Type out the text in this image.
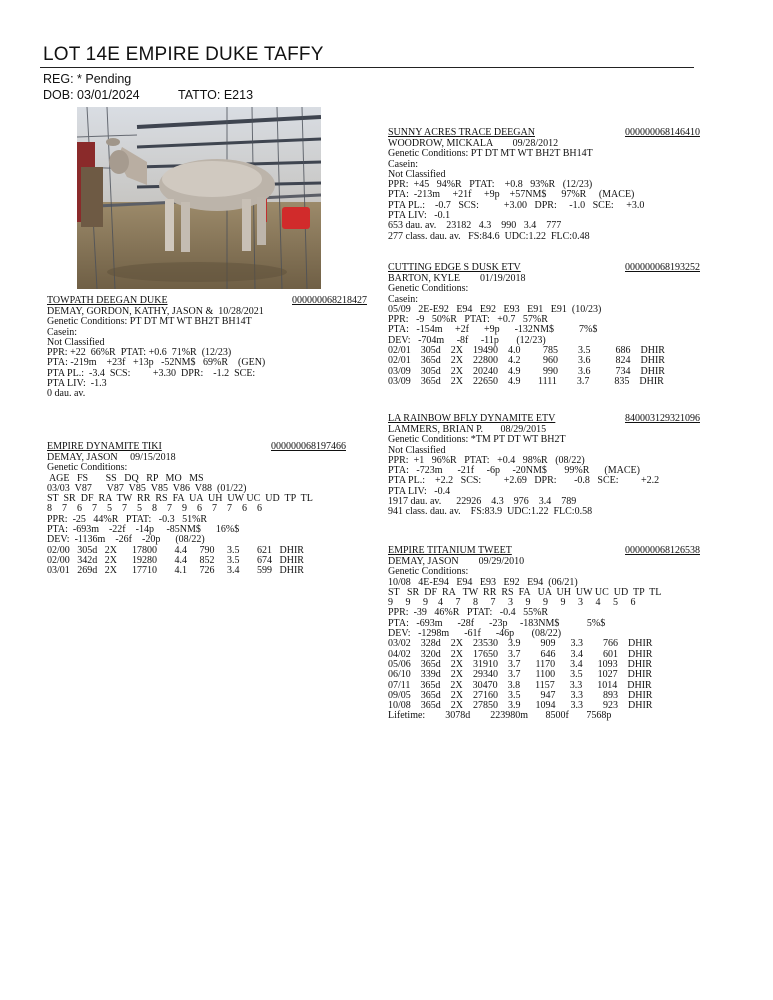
LOT 14E EMPIRE DUKE TAFFY
REG: * Pending
DOB: 03/01/2024	TATTO: E213
TOWPATH DEEGAN DUKE	000000068218427
DEMAY, GORDON, KATHY, JASON &  10/28/2021
Genetic Conditions: PT DT MT WT BH2T BH14T
Casein:
Not Classified
PPR: +22  66%R  PTAT: +0.6  71%R  (12/23)
PTA: -219m    +23f   +13p   -52NM$   69%R    (GEN)
PTA PL.:  -3.4  SCS:         +3.30  DPR:    -1.2  SCE:
PTA LIV:  -1.3
0 dau. av.
EMPIRE DYNAMITE TIKI	000000068197466
DEMAY, JASON     09/15/2018
Genetic Conditions:
AGE   FS       SS   DQ   RP   MO   MS
03/03  V87      V87  V85  V85  V86  V88  (01/22)
ST  SR  DF  RA  TW  RR  RS  FA  UA  UH  UW UC  UD  TP  TL
8    7    6    7    5    7    5    8    7    9    6    7    7    6    6
PPR:  -25   44%R   PTAT:   -0.3   51%R
PTA:  -693m    -22f    -14p     -85NM$      16%$
DEV:  -1136m    -26f    -20p      (08/22)
02/00   305d   2X      17800       4.4     790     3.5       621   DHIR
02/00   342d   2X      19280       4.4     852     3.5       674   DHIR
03/01   269d   2X      17710       4.1     726     3.4       599   DHIR
SUNNY ACRES TRACE DEEGAN	000000068146410
WOODROW, MICKALA        09/28/2012
Genetic Conditions: PT DT MT WT BH2T BH14T
Casein:
Not Classified
PPR:  +45   94%R   PTAT:    +0.8   93%R   (12/23)
PTA:  -213m     +21f     +9p    +57NM$      97%R     (MACE)
PTA PL.:    -0.7   SCS:          +3.00   DPR:     -1.0   SCE:     +3.0
PTA LIV:   -0.1
653 dau. av.    23182   4.3    990   3.4    777
277 class. dau. av.   FS:84.6  UDC:1.22  FLC:0.48
CUTTING EDGE S DUSK ETV	000000068193252
BARTON, KYLE        01/19/2018
Genetic Conditions:
Casein:
05/09   2E-E92   E94   E92   E93   E91   E91  (10/23)
PPR:   -9   50%R   PTAT:   +0.7   57%R
PTA:   -154m     +2f      +9p      -132NM$          7%$
DEV:   -704m     -8f     -11p       (12/23)
02/01    305d    2X    19490    4.0         785        3.5          686    DHIR
02/01    365d    2X    22800    4.2         960        3.6          824    DHIR
03/09    305d    2X    20240    4.9         990        3.6          734    DHIR
03/09    365d    2X    22650    4.9       1111        3.7          835    DHIR
LA RAINBOW BFLY DYNAMITE ETV	840003129321096
LAMMERS, BRIAN P.       08/29/2015
Genetic Conditions: *TM PT DT WT BH2T
Not Classified
PPR:  +1   96%R   PTAT:   +0.4   98%R   (08/22)
PTA:   -723m      -21f     -6p     -20NM$       99%R      (MACE)
PTA PL.:    +2.2   SCS:         +2.69   DPR:       -0.8   SCE:         +2.2
PTA LIV:   -0.4
1917 dau. av.      22926    4.3    976    3.4    789
941 class. dau. av.    FS:83.9  UDC:1.22  FLC:0.58
EMPIRE TITANIUM TWEET	000000068126538
DEMAY, JASON        09/29/2010
Genetic Conditions:
10/08   4E-E94   E94   E93   E92   E94  (06/21)
ST   SR  DF  RA   TW  RR  RS  FA   UA  UH  UW UC  UD  TP  TL
9     9     9    4     7     8     7     3     9     9     9     3     4     5     6
PPR:  -39   46%R   PTAT:   -0.4   55%R
PTA:   -693m      -28f      -23p     -183NM$           5%$
DEV:   -1298m      -61f      -46p       (08/22)
03/02    328d    2X    23530    3.9        909      3.3        766    DHIR
04/02    320d    2X    17650    3.7        646      3.4        601    DHIR
05/06    365d    2X    31910    3.7      1170      3.4      1093    DHIR
06/10    339d    2X    29340    3.7      1100      3.5      1027    DHIR
07/11    365d    2X    30470    3.8      1157      3.3      1014    DHIR
09/05    365d    2X    27160    3.5        947      3.3        893    DHIR
10/08    365d    2X    27850    3.9      1094      3.3        923    DHIR
Lifetime:        3078d        223980m       8500f       7568p
